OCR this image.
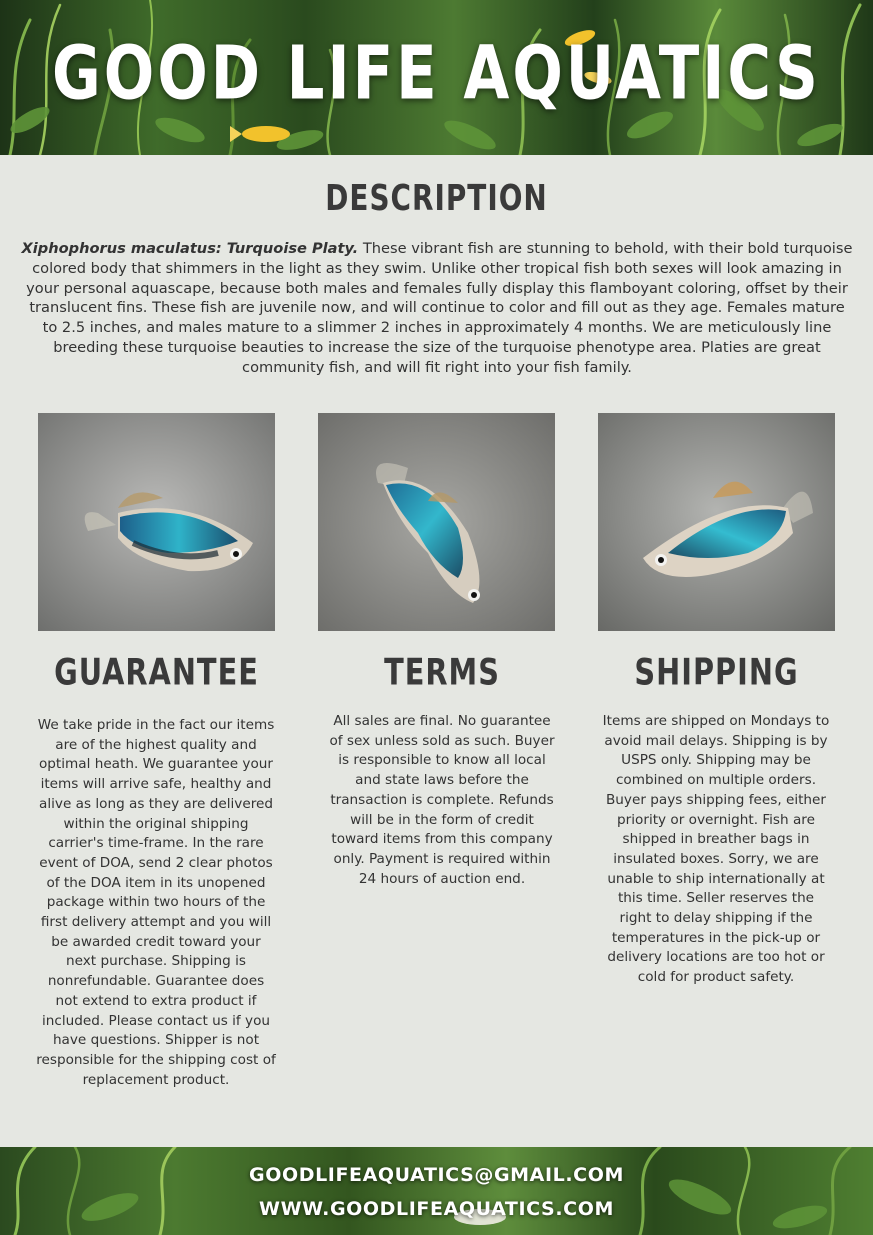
GOOD LIFE AQUATICS
DESCRIPTION
Xiphophorus maculatus: Turquoise Platy. These vibrant fish are stunning to behold, with their bold turquoise colored body that shimmers in the light as they swim. Unlike other tropical fish both sexes will look amazing in your personal aquascape, because both males and females fully display this flamboyant coloring, offset by their translucent fins. These fish are juvenile now, and will continue to color and fill out as they age. Females mature to 2.5 inches, and males mature to a slimmer 2 inches in approximately 4 months. We are meticulously line breeding these turquoise beauties to increase the size of the turquoise phenotype area. Platies are great community fish, and will fit right into your fish family.
GUARANTEE	TERMS	SHIPPING
We take pride in the fact our items are of the highest quality and optimal heath. We guarantee your items will arrive safe, healthy and alive as long as they are delivered within the original shipping carrier's time-frame. In the rare event of DOA, send 2 clear photos of the DOA item in its unopened package within two hours of the first delivery attempt and you will be awarded credit toward your next purchase. Shipping is nonrefundable. Guarantee does not extend to extra product if included. Please contact us if you have questions. Shipper is not responsible for the shipping cost of replacement product.
All sales are final. No guarantee of sex unless sold as such. Buyer is responsible to know all local and state laws before the transaction is complete. Refunds will be in the form of credit toward items from this company only. Payment is required within 24 hours of auction end.
Items are shipped on Mondays to avoid mail delays. Shipping is by USPS only. Shipping may be combined on multiple orders. Buyer pays shipping fees, either priority or overnight. Fish are shipped in breather bags in insulated boxes. Sorry, we are unable to ship internationally at this time. Seller reserves the right to delay shipping if the temperatures in the pick-up or delivery locations are too hot or cold for product safety.
GOODLIFEAQUATICS@GMAIL.COM
WWW.GOODLIFEAQUATICS.COM
